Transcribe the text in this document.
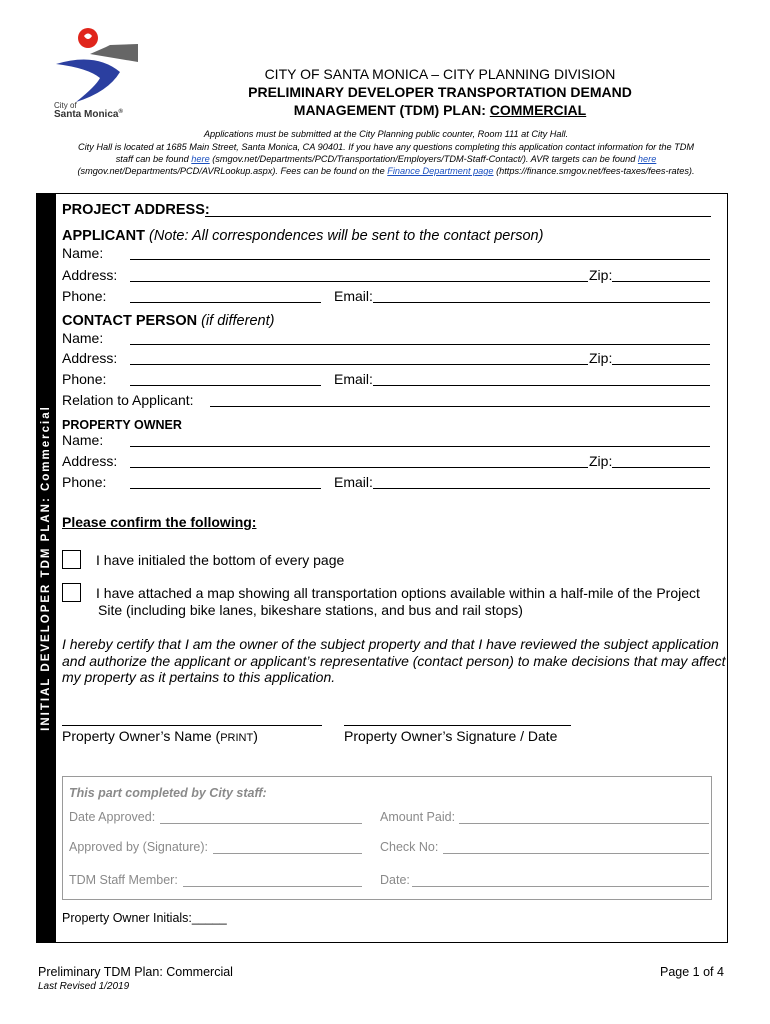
City of
Santa Monica®
CITY OF SANTA MONICA – CITY PLANNING DIVISION
PRELIMINARY DEVELOPER TRANSPORTATION DEMAND
MANAGEMENT (TDM) PLAN: COMMERCIAL
Applications must be submitted at the City Planning public counter, Room 111 at City Hall.
City Hall is located at 1685 Main Street, Santa Monica, CA 90401. If you have any questions completing this application contact information for the TDM
staff can be found here (smgov.net/Departments/PCD/Transportation/Employers/TDM-Staff-Contact/). AVR targets can be found here
(smgov.net/Departments/PCD/AVRLookup.aspx). Fees can be found on the Finance Department page (https://finance.smgov.net/fees-taxes/fees-rates).
INITIAL DEVELOPER TDM PLAN: Commercial
PROJECT ADDRESS:
APPLICANT (Note: All correspondences will be sent to the contact person)
Name:
Address:	Zip:
Phone:	Email:
CONTACT PERSON (if different)
Name:
Address:	Zip:
Phone:	Email:
Relation to Applicant:
PROPERTY OWNER
Name:
Address:	Zip:
Phone:	Email:
Please confirm the following:
I have initialed the bottom of every page
I have attached a map showing all transportation options available within a half-mile of the Project
Site (including bike lanes, bikeshare stations, and bus and rail stops)
I hereby certify that I am the owner of the subject property and that I have reviewed the subject application
and authorize the applicant or applicant’s representative (contact person) to make decisions that may affect
my property as it pertains to this application.
Property Owner’s Name (PRINT)	Property Owner’s Signature / Date
This part completed by City staff:
Date Approved:	Amount Paid:
Approved by (Signature):	Check No:
TDM Staff Member:	Date:
Property Owner Initials:_____
Preliminary TDM Plan: Commercial	Page 1 of 4
Last Revised 1/2019
